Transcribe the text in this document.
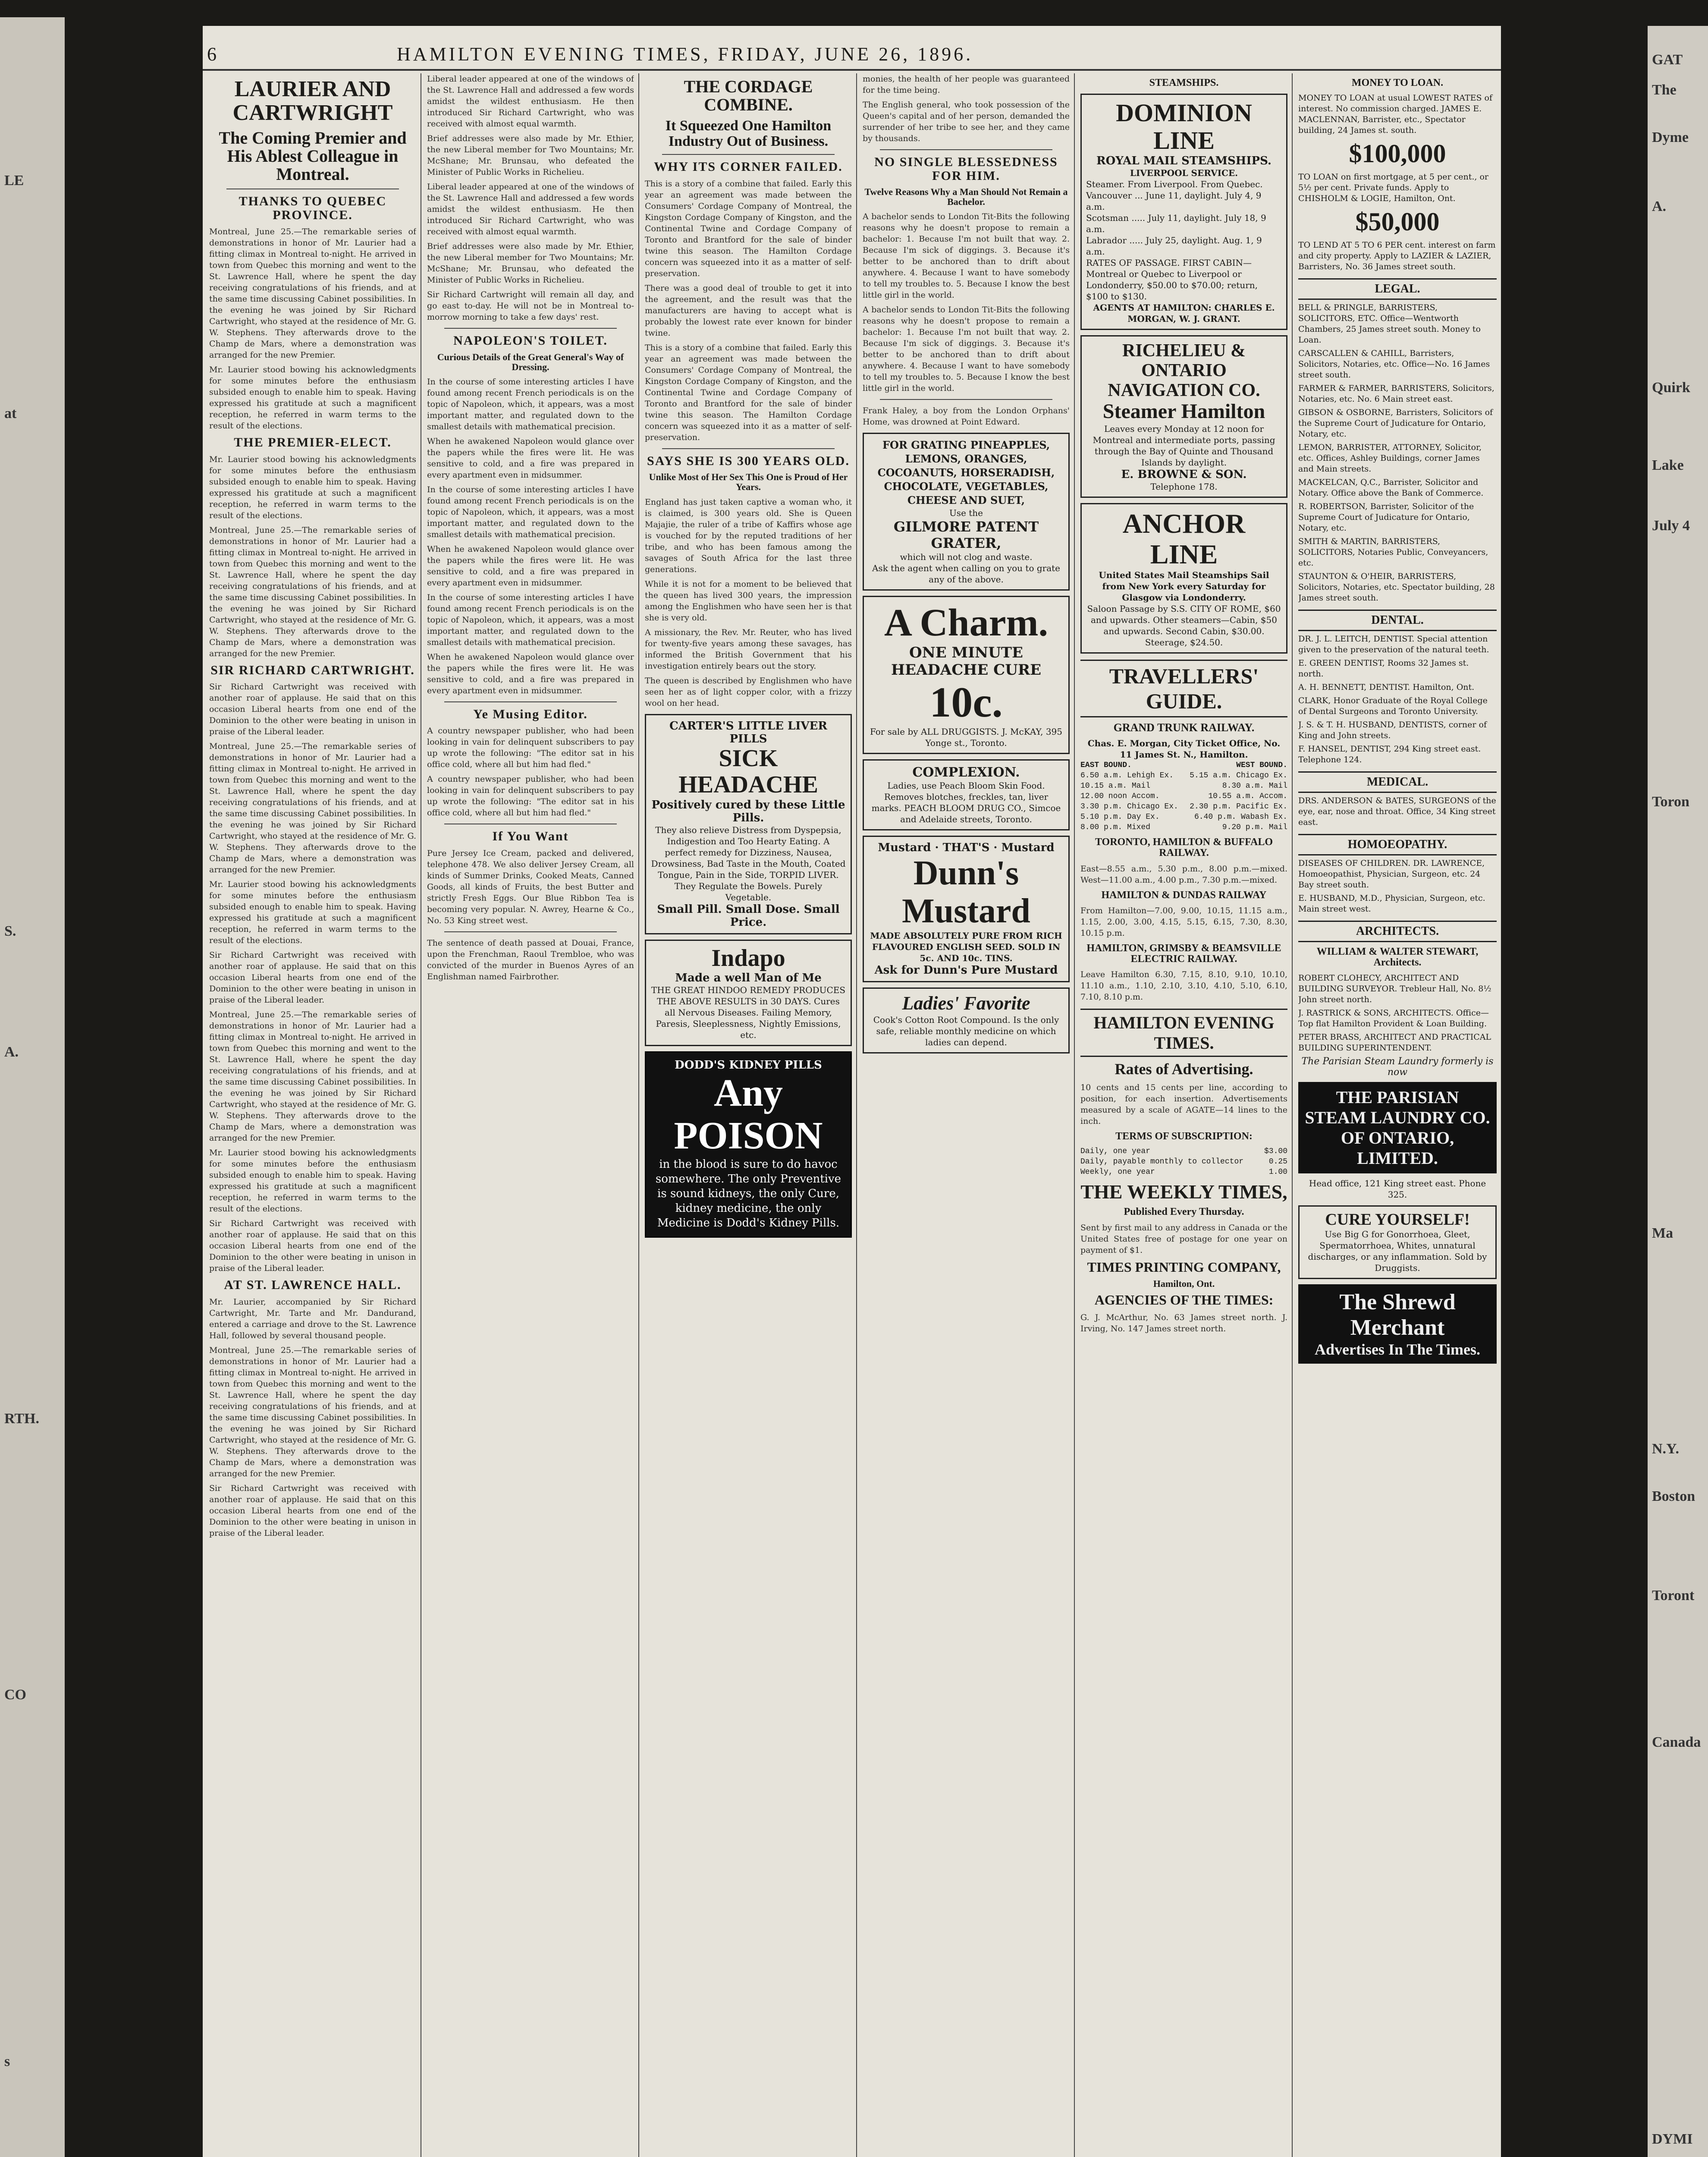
LE
at
S.
A.
RTH.
CO
s
GAT
The
Dyme
A.
Quirk
Lake
July 4
Toron
Ma
N.Y.
Boston
Toront
Canada
DYMI
6	HAMILTON EVENING TIMES, FRIDAY, JUNE 26, 1896.
LAURIER AND CARTWRIGHT
The Coming Premier and His Ablest Colleague in Montreal.
THANKS TO QUEBEC PROVINCE.

Montreal, June 25.—The remarkable series of demonstrations in honor of Mr. Laurier had a fitting climax in Montreal to-night. He arrived in town from Quebec this morning and went to the St. Lawrence Hall, where he spent the day receiving congratulations of his friends, and at the same time discussing Cabinet possibilities. In the evening he was joined by Sir Richard Cartwright, who stayed at the residence of Mr. G. W. Stephens. They afterwards drove to the Champ de Mars, where a demonstration was arranged for the new Premier.

Mr. Laurier stood bowing his acknowledgments for some minutes before the enthusiasm subsided enough to enable him to speak. Having expressed his gratitude at such a magnificent reception, he referred in warm terms to the result of the elections.

THE PREMIER-ELECT.

Mr. Laurier stood bowing his acknowledgments for some minutes before the enthusiasm subsided enough to enable him to speak. Having expressed his gratitude at such a magnificent reception, he referred in warm terms to the result of the elections.

Montreal, June 25.—The remarkable series of demonstrations in honor of Mr. Laurier had a fitting climax in Montreal to-night. He arrived in town from Quebec this morning and went to the St. Lawrence Hall, where he spent the day receiving congratulations of his friends, and at the same time discussing Cabinet possibilities. In the evening he was joined by Sir Richard Cartwright, who stayed at the residence of Mr. G. W. Stephens. They afterwards drove to the Champ de Mars, where a demonstration was arranged for the new Premier.

SIR RICHARD CARTWRIGHT.

Sir Richard Cartwright was received with another roar of applause. He said that on this occasion Liberal hearts from one end of the Dominion to the other were beating in unison in praise of the Liberal leader.

Montreal, June 25.—The remarkable series of demonstrations in honor of Mr. Laurier had a fitting climax in Montreal to-night. He arrived in town from Quebec this morning and went to the St. Lawrence Hall, where he spent the day receiving congratulations of his friends, and at the same time discussing Cabinet possibilities. In the evening he was joined by Sir Richard Cartwright, who stayed at the residence of Mr. G. W. Stephens. They afterwards drove to the Champ de Mars, where a demonstration was arranged for the new Premier.

Mr. Laurier stood bowing his acknowledgments for some minutes before the enthusiasm subsided enough to enable him to speak. Having expressed his gratitude at such a magnificent reception, he referred in warm terms to the result of the elections.

Sir Richard Cartwright was received with another roar of applause. He said that on this occasion Liberal hearts from one end of the Dominion to the other were beating in unison in praise of the Liberal leader.

Montreal, June 25.—The remarkable series of demonstrations in honor of Mr. Laurier had a fitting climax in Montreal to-night. He arrived in town from Quebec this morning and went to the St. Lawrence Hall, where he spent the day receiving congratulations of his friends, and at the same time discussing Cabinet possibilities. In the evening he was joined by Sir Richard Cartwright, who stayed at the residence of Mr. G. W. Stephens. They afterwards drove to the Champ de Mars, where a demonstration was arranged for the new Premier.

Mr. Laurier stood bowing his acknowledgments for some minutes before the enthusiasm subsided enough to enable him to speak. Having expressed his gratitude at such a magnificent reception, he referred in warm terms to the result of the elections.

Sir Richard Cartwright was received with another roar of applause. He said that on this occasion Liberal hearts from one end of the Dominion to the other were beating in unison in praise of the Liberal leader.

AT ST. LAWRENCE HALL.

Mr. Laurier, accompanied by Sir Richard Cartwright, Mr. Tarte and Mr. Dandurand, entered a carriage and drove to the St. Lawrence Hall, followed by several thousand people.

Montreal, June 25.—The remarkable series of demonstrations in honor of Mr. Laurier had a fitting climax in Montreal to-night. He arrived in town from Quebec this morning and went to the St. Lawrence Hall, where he spent the day receiving congratulations of his friends, and at the same time discussing Cabinet possibilities. In the evening he was joined by Sir Richard Cartwright, who stayed at the residence of Mr. G. W. Stephens. They afterwards drove to the Champ de Mars, where a demonstration was arranged for the new Premier.

Sir Richard Cartwright was received with another roar of applause. He said that on this occasion Liberal hearts from one end of the Dominion to the other were beating in unison in praise of the Liberal leader.

Liberal leader appeared at one of the windows of the St. Lawrence Hall and addressed a few words amidst the wildest enthusiasm. He then introduced Sir Richard Cartwright, who was received with almost equal warmth.

Brief addresses were also made by Mr. Ethier, the new Liberal member for Two Mountains; Mr. McShane; Mr. Brunsau, who defeated the Minister of Public Works in Richelieu.

Liberal leader appeared at one of the windows of the St. Lawrence Hall and addressed a few words amidst the wildest enthusiasm. He then introduced Sir Richard Cartwright, who was received with almost equal warmth.

Brief addresses were also made by Mr. Ethier, the new Liberal member for Two Mountains; Mr. McShane; Mr. Brunsau, who defeated the Minister of Public Works in Richelieu.

Sir Richard Cartwright will remain all day, and go east to-day. He will not be in Montreal to-morrow morning to take a few days' rest.

NAPOLEON'S TOILET.
Curious Details of the Great General's Way of Dressing.

In the course of some interesting articles I have found among recent French periodicals is on the topic of Napoleon, which, it appears, was a most important matter, and regulated down to the smallest details with mathematical precision.

When he awakened Napoleon would glance over the papers while the fires were lit. He was sensitive to cold, and a fire was prepared in every apartment even in midsummer.

In the course of some interesting articles I have found among recent French periodicals is on the topic of Napoleon, which, it appears, was a most important matter, and regulated down to the smallest details with mathematical precision.

When he awakened Napoleon would glance over the papers while the fires were lit. He was sensitive to cold, and a fire was prepared in every apartment even in midsummer.

In the course of some interesting articles I have found among recent French periodicals is on the topic of Napoleon, which, it appears, was a most important matter, and regulated down to the smallest details with mathematical precision.

When he awakened Napoleon would glance over the papers while the fires were lit. He was sensitive to cold, and a fire was prepared in every apartment even in midsummer.

Ye Musing Editor.

A country newspaper publisher, who had been looking in vain for delinquent subscribers to pay up wrote the following: "The editor sat in his office cold, where all but him had fled."

A country newspaper publisher, who had been looking in vain for delinquent subscribers to pay up wrote the following: "The editor sat in his office cold, where all but him had fled."

If You Want

Pure Jersey Ice Cream, packed and delivered, telephone 478. We also deliver Jersey Cream, all kinds of Summer Drinks, Cooked Meats, Canned Goods, all kinds of Fruits, the best Butter and strictly Fresh Eggs. Our Blue Ribbon Tea is becoming very popular. N. Awrey, Hearne & Co., No. 53 King street west.

The sentence of death passed at Douai, France, upon the Frenchman, Raoul Trembloe, who was convicted of the murder in Buenos Ayres of an Englishman named Fairbrother.

THE CORDAGE COMBINE.
It Squeezed One Hamilton Industry Out of Business.
WHY ITS CORNER FAILED.

This is a story of a combine that failed. Early this year an agreement was made between the Consumers' Cordage Company of Montreal, the Kingston Cordage Company of Kingston, and the Continental Twine and Cordage Company of Toronto and Brantford for the sale of binder twine this season. The Hamilton Cordage concern was squeezed into it as a matter of self-preservation.

There was a good deal of trouble to get it into the agreement, and the result was that the manufacturers are having to accept what is probably the lowest rate ever known for binder twine.

This is a story of a combine that failed. Early this year an agreement was made between the Consumers' Cordage Company of Montreal, the Kingston Cordage Company of Kingston, and the Continental Twine and Cordage Company of Toronto and Brantford for the sale of binder twine this season. The Hamilton Cordage concern was squeezed into it as a matter of self-preservation.

SAYS SHE IS 300 YEARS OLD.
Unlike Most of Her Sex This One is Proud of Her Years.

England has just taken captive a woman who, it is claimed, is 300 years old. She is Queen Majajie, the ruler of a tribe of Kaffirs whose age is vouched for by the reputed traditions of her tribe, and who has been famous among the savages of South Africa for the last three generations.

While it is not for a moment to be believed that the queen has lived 300 years, the impression among the Englishmen who have seen her is that she is very old.

A missionary, the Rev. Mr. Reuter, who has lived for twenty-five years among these savages, has informed the British Government that his investigation entirely bears out the story.

The queen is described by Englishmen who have seen her as of light copper color, with a frizzy wool on her head.

CARTER'S LITTLE LIVER PILLS
SICK HEADACHE
Positively cured by these Little Pills.
They also relieve Distress from Dyspepsia, Indigestion and Too Hearty Eating. A perfect remedy for Dizziness, Nausea, Drowsiness, Bad Taste in the Mouth, Coated Tongue, Pain in the Side, TORPID LIVER. They Regulate the Bowels. Purely Vegetable.
Small Pill. Small Dose. Small Price.
Indapo
Made a well Man of Me
THE GREAT HINDOO REMEDY PRODUCES THE ABOVE RESULTS in 30 DAYS. Cures all Nervous Diseases. Failing Memory, Paresis, Sleeplessness, Nightly Emissions, etc.
DODD'S KIDNEY PILLS
Any POISON
in the blood is sure to do havoc somewhere. The only Preventive is sound kidneys, the only Cure, kidney medicine, the only Medicine is Dodd's Kidney Pills.

monies, the health of her people was guaranteed for the time being.

The English general, who took possession of the Queen's capital and of her person, demanded the surrender of her tribe to see her, and they came by thousands.

NO SINGLE BLESSEDNESS FOR HIM.
Twelve Reasons Why a Man Should Not Remain a Bachelor.

A bachelor sends to London Tit-Bits the following reasons why he doesn't propose to remain a bachelor: 1. Because I'm not built that way. 2. Because I'm sick of diggings. 3. Because it's better to be anchored than to drift about anywhere. 4. Because I want to have somebody to tell my troubles to. 5. Because I know the best little girl in the world.

A bachelor sends to London Tit-Bits the following reasons why he doesn't propose to remain a bachelor: 1. Because I'm not built that way. 2. Because I'm sick of diggings. 3. Because it's better to be anchored than to drift about anywhere. 4. Because I want to have somebody to tell my troubles to. 5. Because I know the best little girl in the world.

Frank Haley, a boy from the London Orphans' Home, was drowned at Point Edward.

FOR GRATING PINEAPPLES, LEMONS, ORANGES, COCOANUTS, HORSERADISH, CHOCOLATE, VEGETABLES, CHEESE AND SUET,
Use the
GILMORE PATENT GRATER,
which will not clog and waste.
Ask the agent when calling on you to grate any of the above.
A Charm.
ONE MINUTE HEADACHE CURE
10c.
For sale by ALL DRUGGISTS. J. McKAY, 395 Yonge st., Toronto.
COMPLEXION.
Ladies, use Peach Bloom Skin Food. Removes blotches, freckles, tan, liver marks. PEACH BLOOM DRUG CO., Simcoe and Adelaide streets, Toronto.
Mustard · THAT'S · Mustard
Dunn's Mustard
MADE ABSOLUTELY PURE FROM RICH FLAVOURED ENGLISH SEED. SOLD IN 5c. AND 10c. TINS.
Ask for Dunn's Pure Mustard
Ladies' Favorite
Cook's Cotton Root Compound. Is the only safe, reliable monthly medicine on which ladies can depend.
STEAMSHIPS.
DOMINION LINE
ROYAL MAIL STEAMSHIPS.
LIVERPOOL SERVICE.
Steamer. From Liverpool. From Quebec.
Vancouver ... June 11, daylight. July 4, 9 a.m.
Scotsman ..... July 11, daylight. July 18, 9 a.m.
Labrador ..... July 25, daylight. Aug. 1, 9 a.m.
RATES OF PASSAGE. FIRST CABIN—Montreal or Quebec to Liverpool or Londonderry, $50.00 to $70.00; return, $100 to $130.
AGENTS AT HAMILTON: CHARLES E. MORGAN, W. J. GRANT.
RICHELIEU & ONTARIO NAVIGATION CO.
Steamer Hamilton
Leaves every Monday at 12 noon for Montreal and intermediate ports, passing through the Bay of Quinte and Thousand Islands by daylight.
E. BROWNE & SON.
Telephone 178.
ANCHOR LINE
United States Mail Steamships Sail from New York every Saturday for Glasgow via Londonderry.
Saloon Passage by S.S. CITY OF ROME, $60 and upwards. Other steamers—Cabin, $50 and upwards. Second Cabin, $30.00. Steerage, $24.50.
TRAVELLERS' GUIDE.
GRAND TRUNK RAILWAY.
Chas. E. Morgan, City Ticket Office, No. 11 James St. N., Hamilton.
EAST BOUND.	WEST BOUND.
6.50 a.m. Lehigh Ex. 5.15 a.m. Chicago Ex.
10.15 a.m. Mail	8.30 a.m. Mail
12.00 noon Accom.	10.55 a.m. Accom.
3.30 p.m. Chicago Ex. 2.30 p.m. Pacific Ex.
5.10 p.m. Day Ex.	6.40 p.m. Wabash Ex.
8.00 p.m. Mixed	9.20 p.m. Mail
TORONTO, HAMILTON & BUFFALO RAILWAY.

East—8.55 a.m., 5.30 p.m., 8.00 p.m.—mixed. West—11.00 a.m., 4.00 p.m., 7.30 p.m.—mixed.

HAMILTON & DUNDAS RAILWAY

From Hamilton—7.00, 9.00, 10.15, 11.15 a.m., 1.15, 2.00, 3.00, 4.15, 5.15, 6.15, 7.30, 8.30, 10.15 p.m.

HAMILTON, GRIMSBY & BEAMSVILLE ELECTRIC RAILWAY.

Leave Hamilton 6.30, 7.15, 8.10, 9.10, 10.10, 11.10 a.m., 1.10, 2.10, 3.10, 4.10, 5.10, 6.10, 7.10, 8.10 p.m.

HAMILTON EVENING TIMES.
Rates of Advertising.

10 cents and 15 cents per line, according to position, for each insertion. Advertisements measured by a scale of AGATE—14 lines to the inch.

TERMS OF SUBSCRIPTION:
Daily, one year	$3.00
Daily, payable monthly to collector	0.25
Weekly, one year	1.00
THE WEEKLY TIMES,
Published Every Thursday.

Sent by first mail to any address in Canada or the United States free of postage for one year on payment of $1.

TIMES PRINTING COMPANY,
Hamilton, Ont.
AGENCIES OF THE TIMES:

G. J. McArthur, No. 63 James street north. J. Irving, No. 147 James street north.

MONEY TO LOAN.

MONEY TO LOAN at usual LOWEST RATES of interest. No commission charged. JAMES E. MACLENNAN, Barrister, etc., Spectator building, 24 James st. south.

$100,000

TO LOAN on first mortgage, at 5 per cent., or 5½ per cent. Private funds. Apply to CHISHOLM & LOGIE, Hamilton, Ont.

$50,000

TO LEND AT 5 TO 6 PER cent. interest on farm and city property. Apply to LAZIER & LAZIER, Barristers, No. 36 James street south.

LEGAL.

BELL & PRINGLE, BARRISTERS, SOLICITORS, ETC. Office—Wentworth Chambers, 25 James street south. Money to Loan.

CARSCALLEN & CAHILL, Barristers, Solicitors, Notaries, etc. Office—No. 16 James street south.

FARMER & FARMER, BARRISTERS, Solicitors, Notaries, etc. No. 6 Main street east.

GIBSON & OSBORNE, Barristers, Solicitors of the Supreme Court of Judicature for Ontario, Notary, etc.

LEMON, BARRISTER, ATTORNEY, Solicitor, etc. Offices, Ashley Buildings, corner James and Main streets.

MACKELCAN, Q.C., Barrister, Solicitor and Notary. Office above the Bank of Commerce.

R. ROBERTSON, Barrister, Solicitor of the Supreme Court of Judicature for Ontario, Notary, etc.

SMITH & MARTIN, BARRISTERS, SOLICITORS, Notaries Public, Conveyancers, etc.

STAUNTON & O'HEIR, BARRISTERS, Solicitors, Notaries, etc. Spectator building, 28 James street south.

DENTAL.

DR. J. L. LEITCH, DENTIST. Special attention given to the preservation of the natural teeth.

E. GREEN DENTIST, Rooms 32 James st. north.

A. H. BENNETT, DENTIST. Hamilton, Ont.

CLARK, Honor Graduate of the Royal College of Dental Surgeons and Toronto University.

J. S. & T. H. HUSBAND, DENTISTS, corner of King and John streets.

F. HANSEL, DENTIST, 294 King street east. Telephone 124.

MEDICAL.

DRS. ANDERSON & BATES, SURGEONS of the eye, ear, nose and throat. Office, 34 King street east.

HOMOEOPATHY.

DISEASES OF CHILDREN. DR. LAWRENCE, Homoeopathist, Physician, Surgeon, etc. 24 Bay street south.

E. HUSBAND, M.D., Physician, Surgeon, etc. Main street west.

ARCHITECTS.
WILLIAM & WALTER STEWART, Architects.

ROBERT CLOHECY, ARCHITECT AND BUILDING SURVEYOR. Trebleur Hall, No. 8½ John street north.

J. RASTRICK & SONS, ARCHITECTS. Office—Top flat Hamilton Provident & Loan Building.

PETER BRASS, ARCHITECT AND PRACTICAL BUILDING SUPERINTENDENT.

The Parisian Steam Laundry formerly is now
THE PARISIAN STEAM LAUNDRY CO. OF ONTARIO, LIMITED.
Head office, 121 King street east. Phone 325.
CURE YOURSELF!
Use Big G for Gonorrhoea, Gleet, Spermatorrhoea, Whites, unnatural discharges, or any inflammation. Sold by Druggists.
The Shrewd Merchant
Advertises In The Times.
